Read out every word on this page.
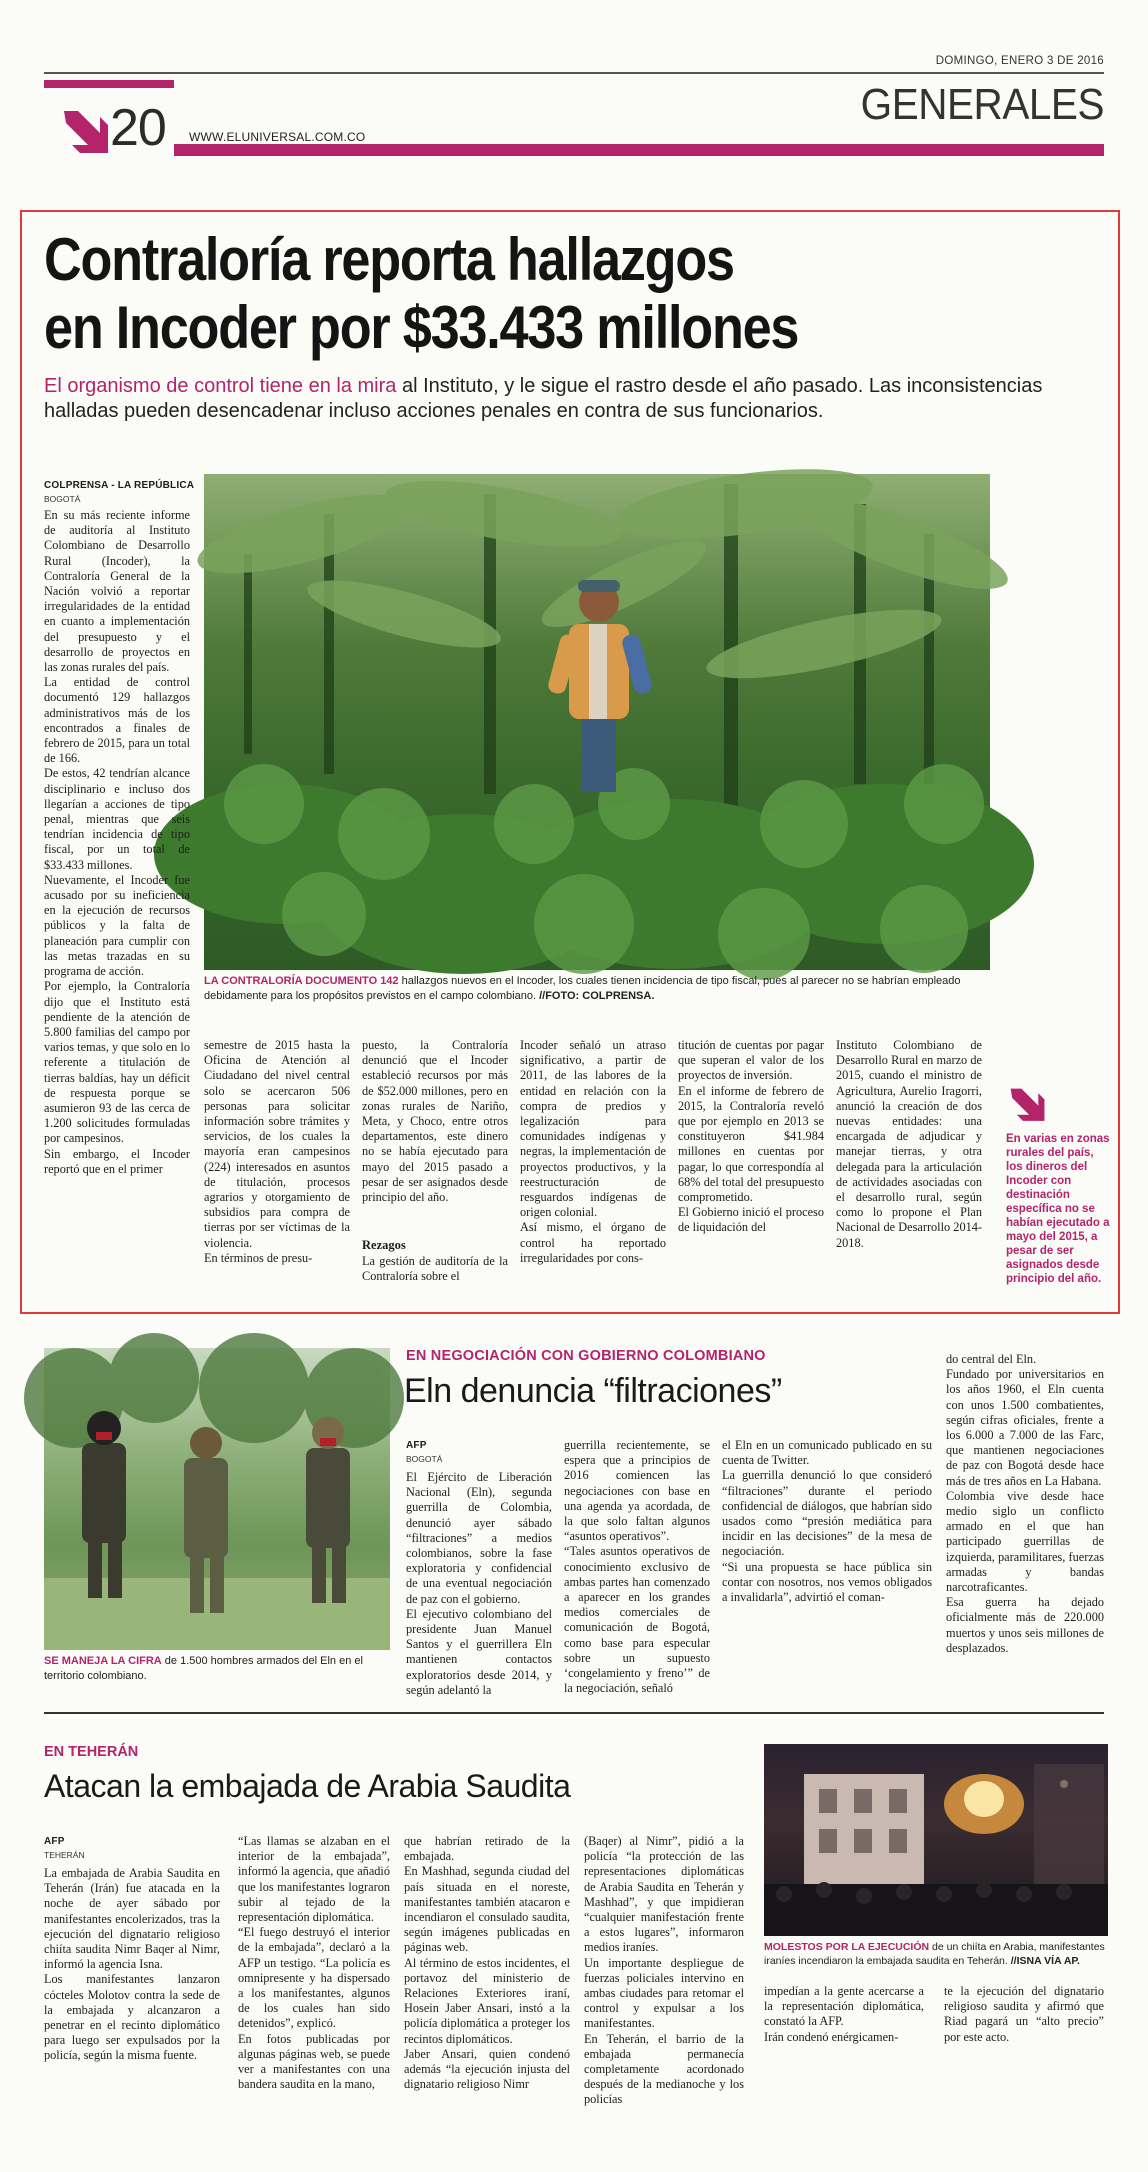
DOMINGO, ENERO 3 DE 2016
20 WWW.ELUNIVERSAL.COM.CO
GENERALES
Contraloría reporta hallazgos
en Incoder por $33.433 millones
El organismo de control tiene en la mira al Instituto, y le sigue el rastro desde el año pasado. Las inconsistencias halladas pueden desencadenar incluso acciones penales en contra de sus funcionarios.
COLPRENSA - LA REPÚBLICA
BOGOTÁ
LA CONTRALORÍA DOCUMENTO 142 hallazgos nuevos en el Incoder, los cuales tienen incidencia de tipo fiscal, pues al parecer no se habrían empleado debidamente para los propósitos previstos en el campo colombiano. //FOTO: COLPRENSA.
En su más reciente informe de auditoría al Instituto Colombiano de Desarrollo Rural (Incoder), la Contraloría General de la Nación volvió a reportar irregularidades de la entidad en cuanto a implementación del presupuesto y el desarrollo de proyectos en las zonas rurales del país.
La entidad de control documentó 129 hallazgos administrativos más de los encontrados a finales de febrero de 2015, para un total de 166.
De estos, 42 tendrían alcance disciplinario e incluso dos llegarían a acciones de tipo penal, mientras que seis tendrían incidencia de tipo fiscal, por un total de $33.433 millones.
Nuevamente, el Incoder fue acusado por su ineficiencia en la ejecución de recursos públicos y la falta de planeación para cumplir con las metas trazadas en su programa de acción.
Por ejemplo, la Contraloría dijo que el Instituto está pendiente de la atención de 5.800 familias del campo por varios temas, y que solo en lo referente a titulación de tierras baldías, hay un déficit de respuesta porque se asumieron 93 de las cerca de 1.200 solicitudes formuladas por campesinos.
Sin embargo, el Incoder reportó que en el primer
semestre de 2015 hasta la Oficina de Atención al Ciudadano del nivel central solo se acercaron 506 personas para solicitar información sobre trámites y servicios, de los cuales la mayoría eran campesinos (224) interesados en asuntos de titulación, procesos agrarios y otorgamiento de subsidios para compra de tierras por ser víctimas de la violencia.
En términos de presu-
puesto, la Contraloría denunció que el Incoder estableció recursos por más de $52.000 millones, pero en zonas rurales de Nariño, Meta, y Choco, entre otros departamentos, este dinero no se había ejecutado para mayo del 2015 pasado a pesar de ser asignados desde principio del año.
Rezagos
La gestión de auditoría de la Contraloría sobre el
Incoder señaló un atraso significativo, a partir de 2011, de las labores de la entidad en relación con la compra de predios y legalización para comunidades indígenas y negras, la implementación de proyectos productivos, y la reestructuración de resguardos indígenas de origen colonial.
Así mismo, el órgano de control ha reportado irregularidades por cons-
titución de cuentas por pagar que superan el valor de los proyectos de inversión.
En el informe de febrero de 2015, la Contraloría reveló que por ejemplo en 2013 se constituyeron $41.984 millones en cuentas por pagar, lo que correspondía al 68% del total del presupuesto comprometido.
El Gobierno inició el proceso de liquidación del
Instituto Colombiano de Desarrollo Rural en marzo de 2015, cuando el ministro de Agricultura, Aurelio Iragorri, anunció la creación de dos nuevas entidades: una encargada de adjudicar y manejar tierras, y otra delegada para la articulación de actividades asociadas con el desarrollo rural, según como lo propone el Plan Nacional de Desarrollo 2014-2018.
En varias en zonas rurales del país, los dineros del Incoder con destinación específica no se habían ejecutado a mayo del 2015, a pesar de ser asignados desde principio del año.
SE MANEJA LA CIFRA de 1.500 hombres armados del Eln en el territorio colombiano.
EN NEGOCIACIÓN CON GOBIERNO COLOMBIANO
Eln denuncia “filtraciones”
AFP
BOGOTÁ
El Ejército de Liberación Nacional (Eln), segunda guerrilla de Colombia, denunció ayer sábado “filtraciones” a medios colombianos, sobre la fase exploratoria y confidencial de una eventual negociación de paz con el gobierno.
El ejecutivo colombiano del presidente Juan Manuel Santos y el guerrillera Eln mantienen contactos exploratorios desde 2014, y según adelantó la
guerrilla recientemente, se espera que a principios de 2016 comiencen las negociaciones con base en una agenda ya acordada, de la que solo faltan algunos “asuntos operativos”.
“Tales asuntos operativos de conocimiento exclusivo de ambas partes han comenzado a aparecer en los grandes medios comerciales de comunicación de Bogotá, como base para especular sobre un supuesto ‘congelamiento y freno’” de la negociación, señaló
el Eln en un comunicado publicado en su cuenta de Twitter.
La guerrilla denunció lo que consideró “filtraciones” durante el periodo confidencial de diálogos, que habrían sido usados como “presión mediática para incidir en las decisiones” de la mesa de negociación.
“Si una propuesta se hace pública sin contar con nosotros, nos vemos obligados a invalidarla”, advirtió el coman-
do central del Eln.
Fundado por universitarios en los años 1960, el Eln cuenta con unos 1.500 combatientes, según cifras oficiales, frente a los 6.000 a 7.000 de las Farc, que mantienen negociaciones de paz con Bogotá desde hace más de tres años en La Habana.
Colombia vive desde hace medio siglo un conflicto armado en el que han participado guerrillas de izquierda, paramilitares, fuerzas armadas y bandas narcotraficantes.
Esa guerra ha dejado oficialmente más de 220.000 muertos y unos seis millones de desplazados.
EN TEHERÁN
Atacan la embajada de Arabia Saudita
AFP
TEHERÁN
La embajada de Arabia Saudita en Teherán (Irán) fue atacada en la noche de ayer sábado por manifestantes encolerizados, tras la ejecución del dignatario religioso chiíta saudita Nimr Baqer al Nimr, informó la agencia Isna.
Los manifestantes lanzaron cócteles Molotov contra la sede de la embajada y alcanzaron a penetrar en el recinto diplomático para luego ser expulsados por la policía, según la misma fuente.
“Las llamas se alzaban en el interior de la embajada”, informó la agencia, que añadió que los manifestantes lograron subir al tejado de la representación diplomática.
“El fuego destruyó el interior de la embajada”, declaró a la AFP un testigo. “La policía es omnipresente y ha dispersado a los manifestantes, algunos de los cuales han sido detenidos”, explicó.
En fotos publicadas por algunas páginas web, se puede ver a manifestantes con una bandera saudita en la mano,
que habrían retirado de la embajada.
En Mashhad, segunda ciudad del país situada en el noreste, manifestantes también atacaron e incendiaron el consulado saudita, según imágenes publicadas en páginas web.
Al término de estos incidentes, el portavoz del ministerio de Relaciones Exteriores iraní, Hosein Jaber Ansari, instó a la policía diplomática a proteger los recintos diplomáticos.
Jaber Ansari, quien condenó además “la ejecución injusta del dignatario religioso Nimr
(Baqer) al Nimr”, pidió a la policía “la protección de las representaciones diplomáticas de Arabia Saudita en Teherán y Mashhad”, y que impidieran “cualquier manifestación frente a estos lugares”, informaron medios iraníes.
Un importante despliegue de fuerzas policiales intervino en ambas ciudades para retomar el control y expulsar a los manifestantes.
En Teherán, el barrio de la embajada permanecía completamente acordonado después de la medianoche y los policías
MOLESTOS POR LA EJECUCIÓN de un chiíta en Arabia, manifestantes iraníes incendiaron la embajada saudita en Teherán. //ISNA VÍA AP.
impedían a la gente acercarse a la representación diplomática, constató la AFP.
Irán condenó enérgicamen-
te la ejecución del dignatario religioso saudita y afirmó que Riad pagará un “alto precio” por este acto.
